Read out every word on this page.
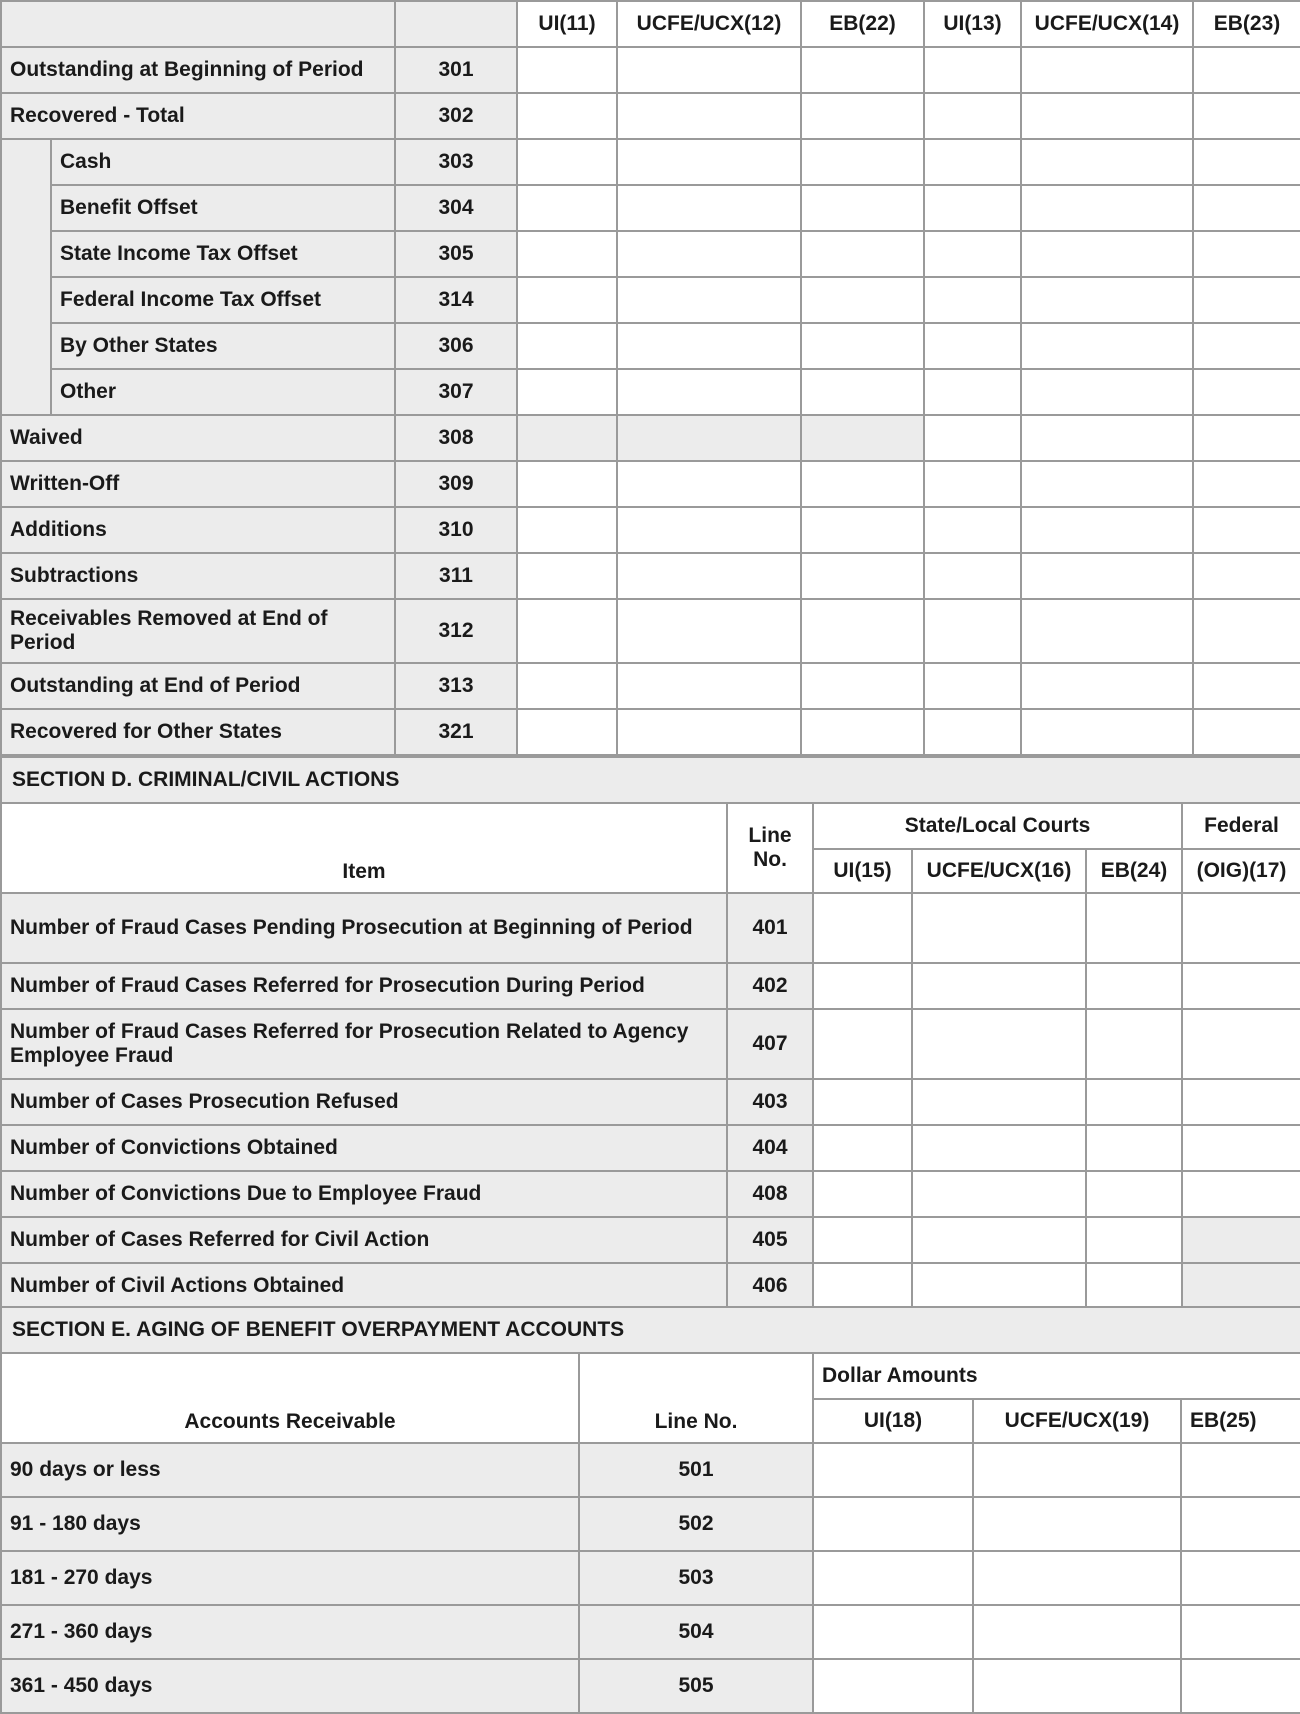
			UI(11)	UCFE/UCX(12)	EB(22)	UI(13)	UCFE/UCX(14)	EB(23)
Outstanding at Beginning of Period		301						
Recovered - Total		302						
	Cash	303						
	Benefit Offset	304						
	State Income Tax Offset	305						
	Federal Income Tax Offset	314						
	By Other States	306						
	Other	307						
Waived		308						
Written-Off		309						
Additions		310						
Subtractions		311						
Receivables Removed at End of Period		312						
Outstanding at End of Period		313						
Recovered for Other States		321						
SECTION D. CRIMINAL/CIVIL ACTIONS					
Item	Line No.	State/Local Courts			Federal
		UI(15)	UCFE/UCX(16)	EB(24)	(OIG)(17)
Number of Fraud Cases Pending Prosecution at Beginning of Period	401				
Number of Fraud Cases Referred for Prosecution During Period	402				
Number of Fraud Cases Referred for Prosecution Related to Agency Employee Fraud	407				
Number of Cases Prosecution Refused	403				
Number of Convictions Obtained	404				
Number of Convictions Due to Employee Fraud	408				
Number of Cases Referred for Civil Action	405				
Number of Civil Actions Obtained	406				
SECTION E. AGING OF BENEFIT OVERPAYMENT ACCOUNTS				
Accounts Receivable	Line No.	Dollar Amounts		
		UI(18)	UCFE/UCX(19)	EB(25)
90 days or less	501			
91 - 180 days	502			
181 - 270 days	503			
271 - 360 days	504			
361 - 450 days	505			
